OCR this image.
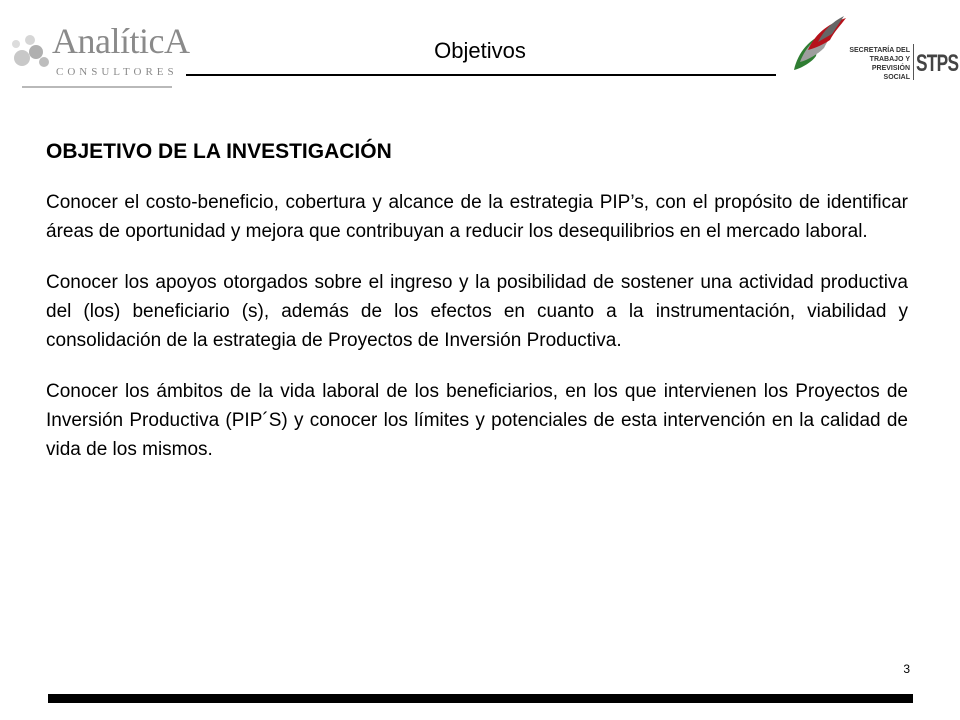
AnalíticA
CONSULTORES
Objetivos	SECRETARÍA DEL
TRABAJO Y
PREVISIÓN SOCIAL
STPS
OBJETIVO DE LA INVESTIGACIÓN

Conocer el costo-beneficio, cobertura y alcance de la estrategia PIP’s, con el propósito de identificar áreas de oportunidad y mejora que contribuyan a reducir los desequilibrios en el mercado laboral.

Conocer los apoyos otorgados sobre el ingreso y la posibilidad de sostener una actividad productiva del (los) beneficiario (s), además de los efectos en cuanto a la instrumentación, viabilidad y consolidación de la estrategia de Proyectos de Inversión Productiva.

Conocer los ámbitos de la vida laboral de los beneficiarios, en los que intervienen los Proyectos de Inversión Productiva (PIP´S) y conocer los límites y potenciales de esta intervención en la calidad de vida de los mismos.

3
